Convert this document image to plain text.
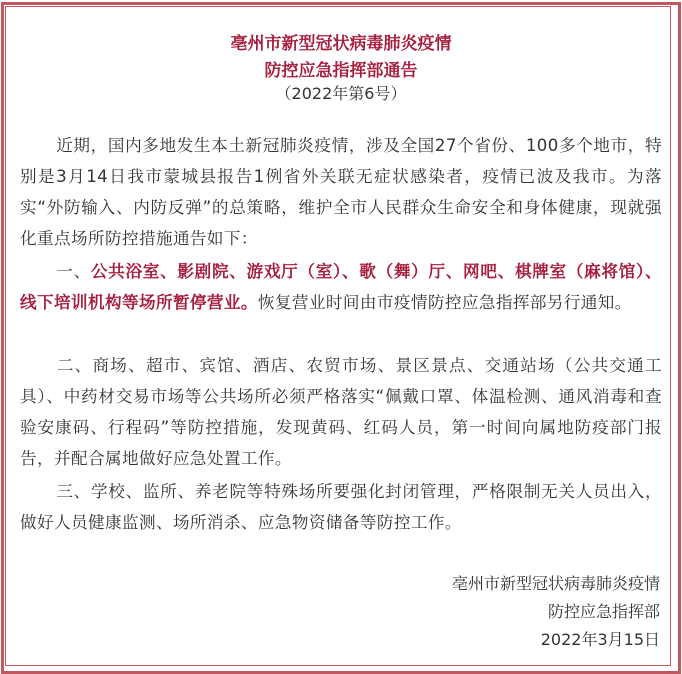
亳州市新型冠状病毒肺炎疫情
防控应急指挥部通告
（2022年第6号）
近期，国内多地发生本土新冠肺炎疫情，涉及全国27个省份、100多个地市，特别是3月14日我市蒙城县报告1例省外关联无症状感染者，疫情已波及我市。为落实“外防输入、内防反弹”的总策略，维护全市人民群众生命安全和身体健康，现就强化重点场所防控措施通告如下：
一、公共浴室、影剧院、游戏厅（室）、歌（舞）厅、网吧、棋牌室（麻将馆）、线下培训机构等场所暂停营业。恢复营业时间由市疫情防控应急指挥部另行通知。
二、商场、超市、宾馆、酒店、农贸市场、景区景点、交通站场（公共交通工具）、中药材交易市场等公共场所必须严格落实“佩戴口罩、体温检测、通风消毒和查验安康码、行程码”等防控措施，发现黄码、红码人员，第一时间向属地防疫部门报告，并配合属地做好应急处置工作。
三、学校、监所、养老院等特殊场所要强化封闭管理，严格限制无关人员出入，做好人员健康监测、场所消杀、应急物资储备等防控工作。
亳州市新型冠状病毒肺炎疫情
防控应急指挥部
2022年3月15日
